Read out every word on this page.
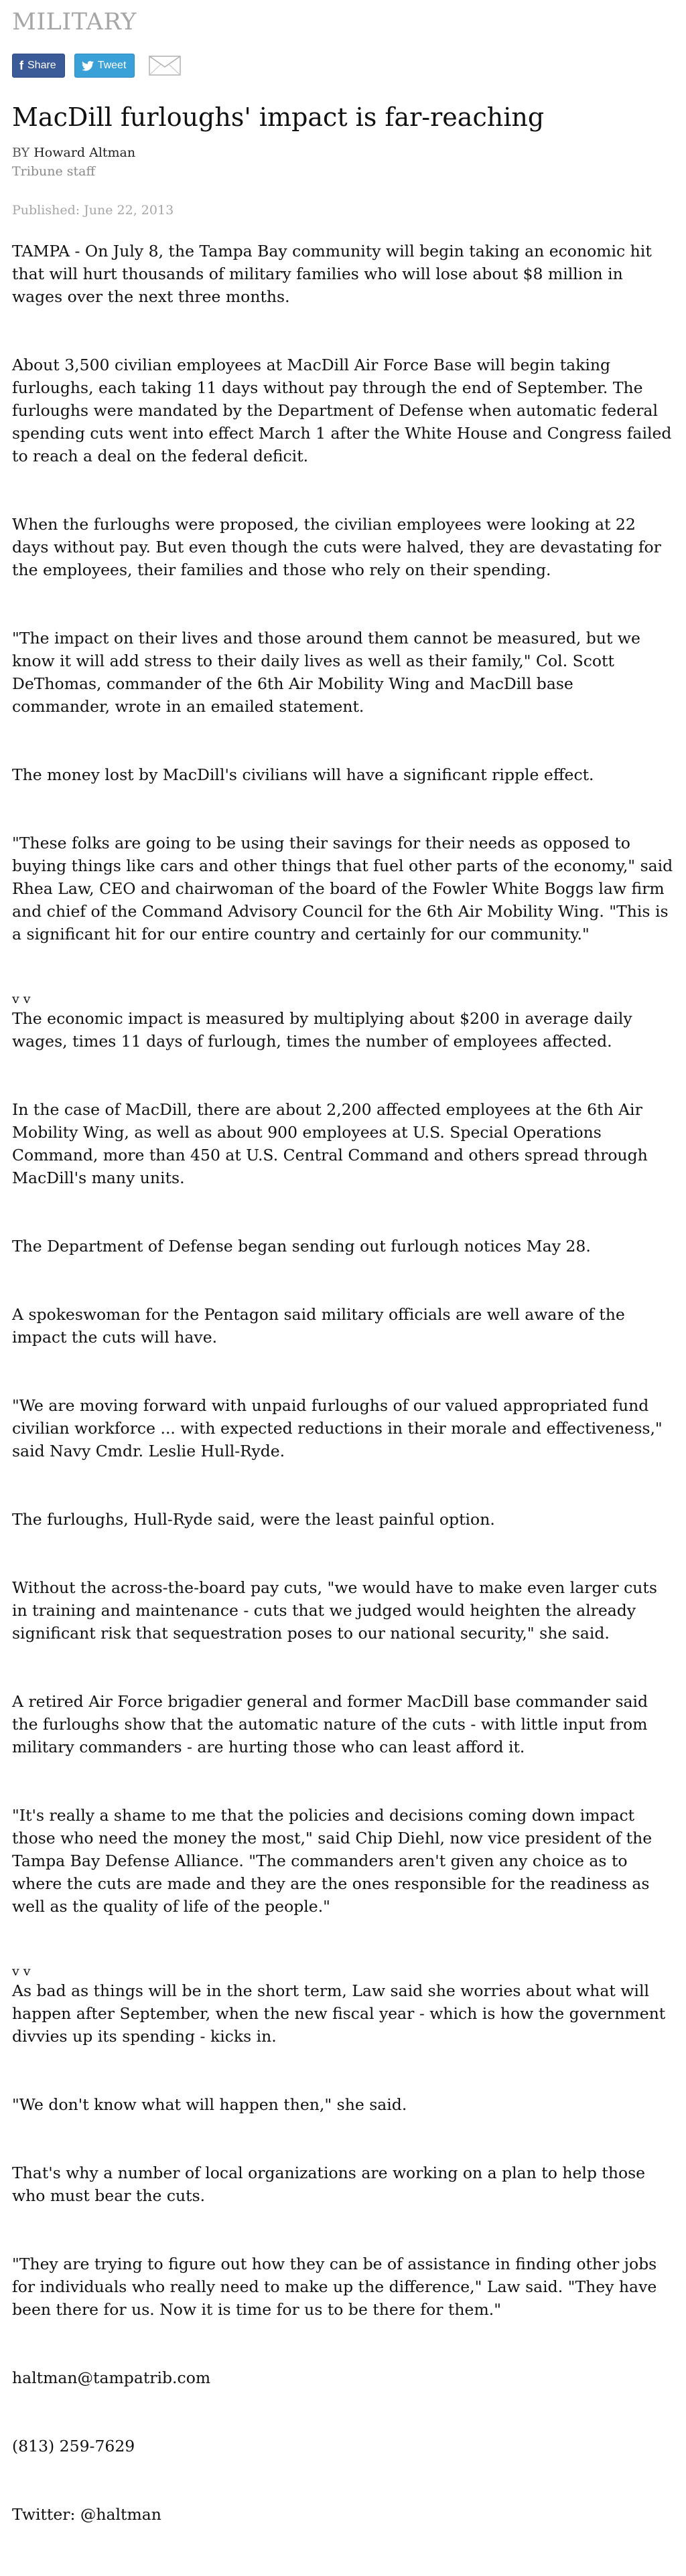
MILITARY
f Share	Tweet
MacDill furloughs' impact is far-reaching
BY Howard Altman
Tribune staff
Published: June 22, 2013

TAMPA - On July 8, the Tampa Bay community will begin taking an economic hit that will hurt thousands of military families who will lose about $8 million in wages over the next three months.

About 3,500 civilian employees at MacDill Air Force Base will begin taking furloughs, each taking 11 days without pay through the end of September. The furloughs were mandated by the Department of Defense when automatic federal spending cuts went into effect March 1 after the White House and Congress failed to reach a deal on the federal deficit.

When the furloughs were proposed, the civilian employees were looking at 22 days without pay. But even though the cuts were halved, they are devastating for the employees, their families and those who rely on their spending.

"The impact on their lives and those around them cannot be measured, but we know it will add stress to their daily lives as well as their family," Col. Scott DeThomas, commander of the 6th Air Mobility Wing and MacDill base commander, wrote in an emailed statement.

The money lost by MacDill's civilians will have a significant ripple effect.

"These folks are going to be using their savings for their needs as opposed to buying things like cars and other things that fuel other parts of the economy," said Rhea Law, CEO and chairwoman of the board of the Fowler White Boggs law firm and chief of the Command Advisory Council for the 6th Air Mobility Wing. "This is a significant hit for our entire country and certainly for our community."

v v

The economic impact is measured by multiplying about $200 in average daily wages, times 11 days of furlough, times the number of employees affected.

In the case of MacDill, there are about 2,200 affected employees at the 6th Air Mobility Wing, as well as about 900 employees at U.S. Special Operations Command, more than 450 at U.S. Central Command and others spread through MacDill's many units.

The Department of Defense began sending out furlough notices May 28.

A spokeswoman for the Pentagon said military officials are well aware of the impact the cuts will have.

"We are moving forward with unpaid furloughs of our valued appropriated fund civilian workforce ... with expected reductions in their morale and effectiveness," said Navy Cmdr. Leslie Hull-Ryde.

The furloughs, Hull-Ryde said, were the least painful option.

Without the across-the-board pay cuts, "we would have to make even larger cuts in training and maintenance - cuts that we judged would heighten the already significant risk that sequestration poses to our national security," she said.

A retired Air Force brigadier general and former MacDill base commander said the furloughs show that the automatic nature of the cuts - with little input from military commanders - are hurting those who can least afford it.

"It's really a shame to me that the policies and decisions coming down impact those who need the money the most," said Chip Diehl, now vice president of the Tampa Bay Defense Alliance. "The commanders aren't given any choice as to where the cuts are made and they are the ones responsible for the readiness as well as the quality of life of the people."

v v

As bad as things will be in the short term, Law said she worries about what will happen after September, when the new fiscal year - which is how the government divvies up its spending - kicks in.

"We don't know what will happen then," she said.

That's why a number of local organizations are working on a plan to help those who must bear the cuts.

"They are trying to figure out how they can be of assistance in finding other jobs for individuals who really need to make up the difference," Law said. "They have been there for us. Now it is time for us to be there for them."

haltman@tampatrib.com

(813) 259-7629

Twitter: @haltman
